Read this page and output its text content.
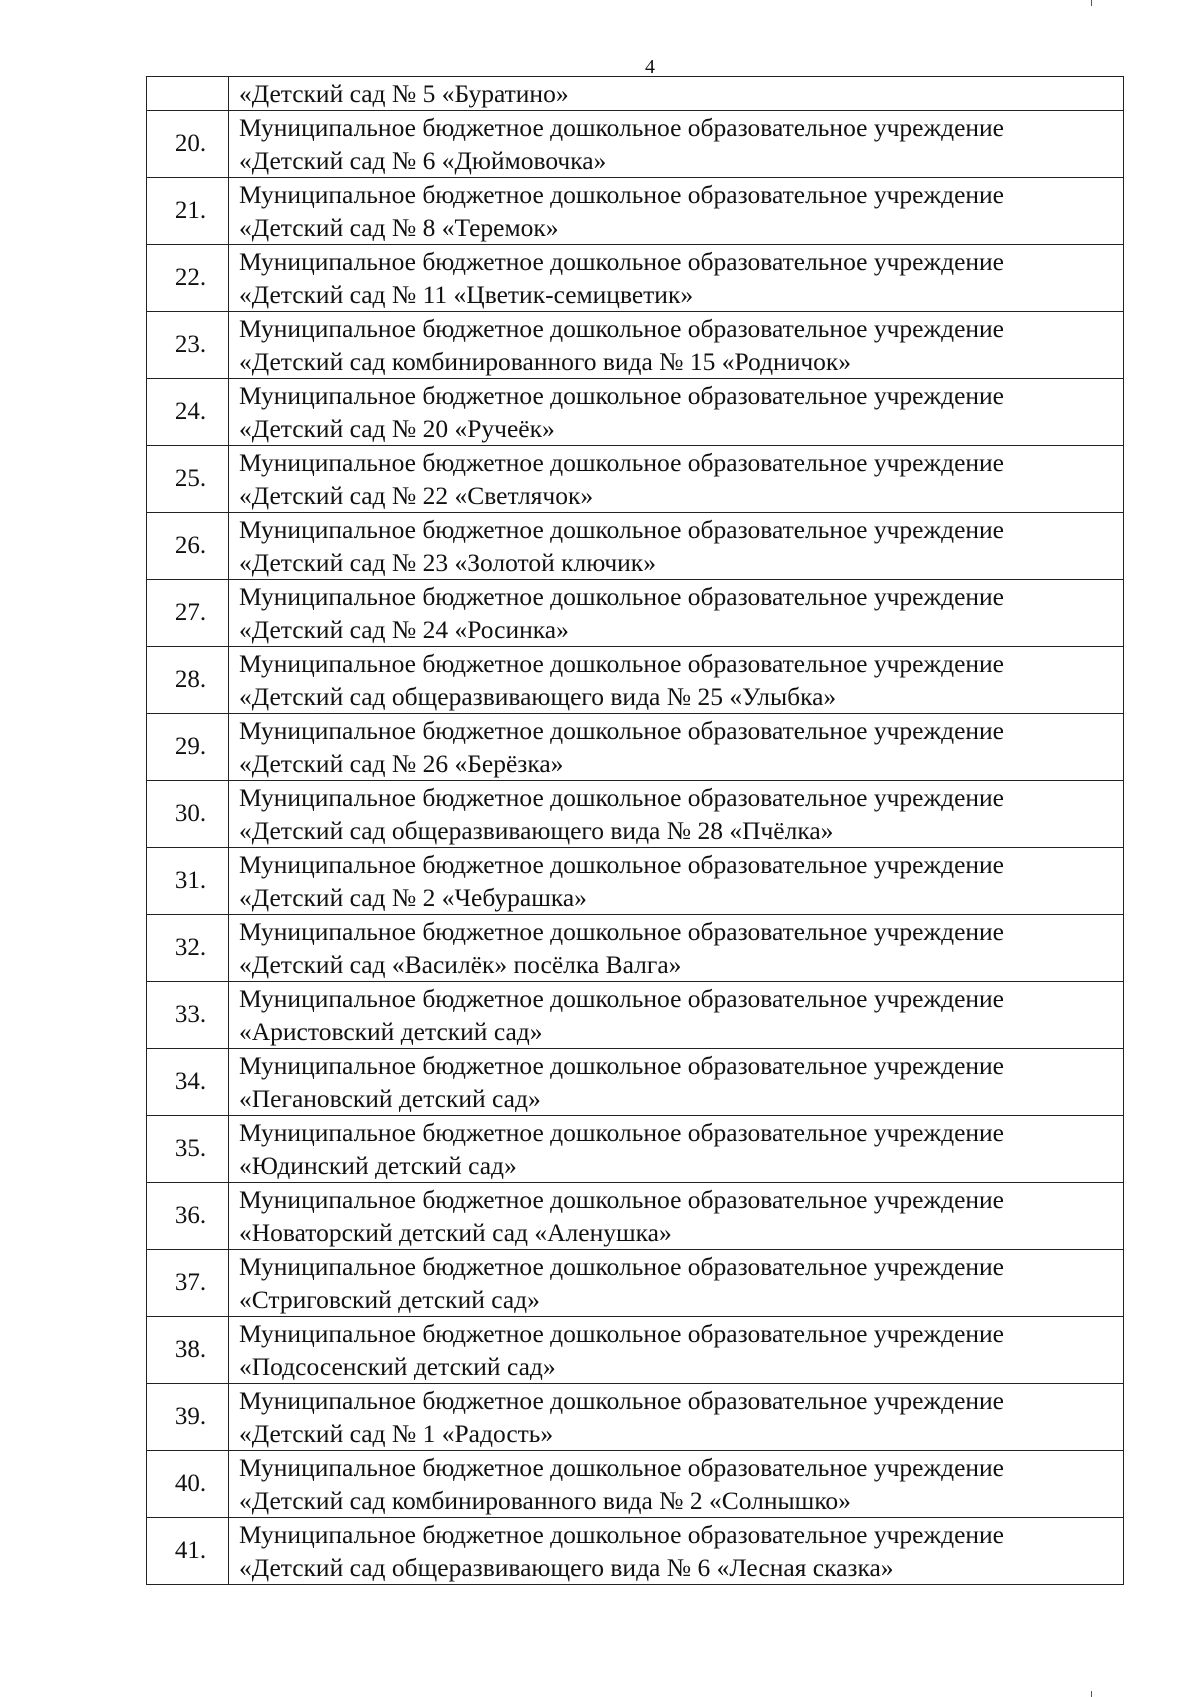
4

	«Детский сад № 5 «Буратино»

20.	Муниципальное бюджетное дошкольное образовательное учреждение
«Детский сад № 6 «Дюймовочка»

21.	Муниципальное бюджетное дошкольное образовательное учреждение
«Детский сад № 8 «Теремок»

22.	Муниципальное бюджетное дошкольное образовательное учреждение
«Детский сад № 11 «Цветик-семицветик»

23.	Муниципальное бюджетное дошкольное образовательное учреждение
«Детский сад комбинированного вида № 15 «Родничок»

24.	Муниципальное бюджетное дошкольное образовательное учреждение
«Детский сад № 20 «Ручеёк»

25.	Муниципальное бюджетное дошкольное образовательное учреждение
«Детский сад № 22 «Светлячок»

26.	Муниципальное бюджетное дошкольное образовательное учреждение
«Детский сад № 23 «Золотой ключик»

27.	Муниципальное бюджетное дошкольное образовательное учреждение
«Детский сад № 24 «Росинка»

28.	Муниципальное бюджетное дошкольное образовательное учреждение
«Детский сад общеразвивающего вида № 25 «Улыбка»

29.	Муниципальное бюджетное дошкольное образовательное учреждение
«Детский сад № 26 «Берёзка»

30.	Муниципальное бюджетное дошкольное образовательное учреждение
«Детский сад общеразвивающего вида № 28 «Пчёлка»

31.	Муниципальное бюджетное дошкольное образовательное учреждение
«Детский сад № 2 «Чебурашка»

32.	Муниципальное бюджетное дошкольное образовательное учреждение
«Детский сад «Василёк» посёлка Валга»

33.	Муниципальное бюджетное дошкольное образовательное учреждение
«Аристовский детский сад»

34.	Муниципальное бюджетное дошкольное образовательное учреждение
«Пегановский детский сад»

35.	Муниципальное бюджетное дошкольное образовательное учреждение
«Юдинский детский сад»

36.	Муниципальное бюджетное дошкольное образовательное учреждение
«Новаторский детский сад «Аленушка»

37.	Муниципальное бюджетное дошкольное образовательное учреждение
«Стриговский детский сад»

38.	Муниципальное бюджетное дошкольное образовательное учреждение
«Подсосенский детский сад»

39.	Муниципальное бюджетное дошкольное образовательное учреждение
«Детский сад № 1 «Радость»

40.	Муниципальное бюджетное дошкольное образовательное учреждение
«Детский сад комбинированного вида № 2 «Солнышко»

41.	Муниципальное бюджетное дошкольное образовательное учреждение
«Детский сад общеразвивающего вида № 6 «Лесная сказка»
